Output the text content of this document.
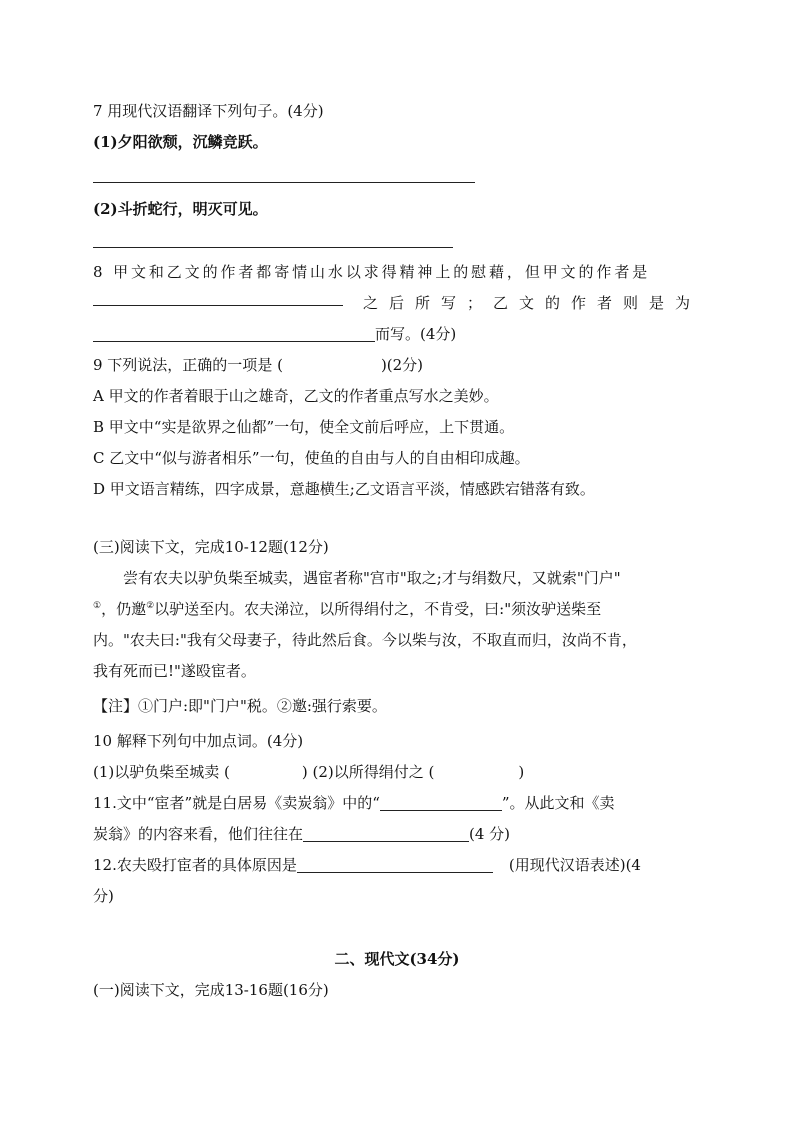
7 用现代汉语翻译下列句子。(4分)
(1)夕阳欲颓，沉鳞竞跃。
(2)斗折蛇行，明灭可见。
8 甲文和乙文的作者都寄情山水以求得精神上的慰藉，但甲文的作者是
之后所写；乙文的作者则是为
而写。(4分)
9 下列说法，正确的一项是 (	)(2分)
A 甲文的作者着眼于山之雄奇，乙文的作者重点写水之美妙。
B 甲文中“实是欲界之仙都”一句，使全文前后呼应，上下贯通。
C 乙文中“似与游者相乐”一句，使鱼的自由与人的自由相印成趣。
D 甲文语言精练，四字成景，意趣横生;乙文语言平淡，情感跌宕错落有致。
(三)阅读下文，完成10-12题(12分)
尝有农夫以驴负柴至城卖，遇宦者称"宫市"取之;才与绢数尺，又就索"门户"
①，仍邀②以驴送至内。农夫涕泣，以所得绢付之，不肯受，曰:"须汝驴送柴至
内。"农夫曰:"我有父母妻子，待此然后食。今以柴与汝，不取直而归，汝尚不肯，
我有死而已!"遂殴宦者。
【注】①门户:即"门户"税。②邀:强行索要。
10 解释下列句中加点词。(4分)
(1)以驴负柴至城卖 (	) (2)以所得绢付之 (	)
11.文中“宦者”就是白居易《卖炭翁》中的“	”。从此文和《卖
炭翁》的内容来看，他们往往在	(4 分)
12.农夫殴打宦者的具体原因是	(用现代汉语表述)(4
分)
二、现代文(34分)
(一)阅读下文，完成13-16题(16分)
